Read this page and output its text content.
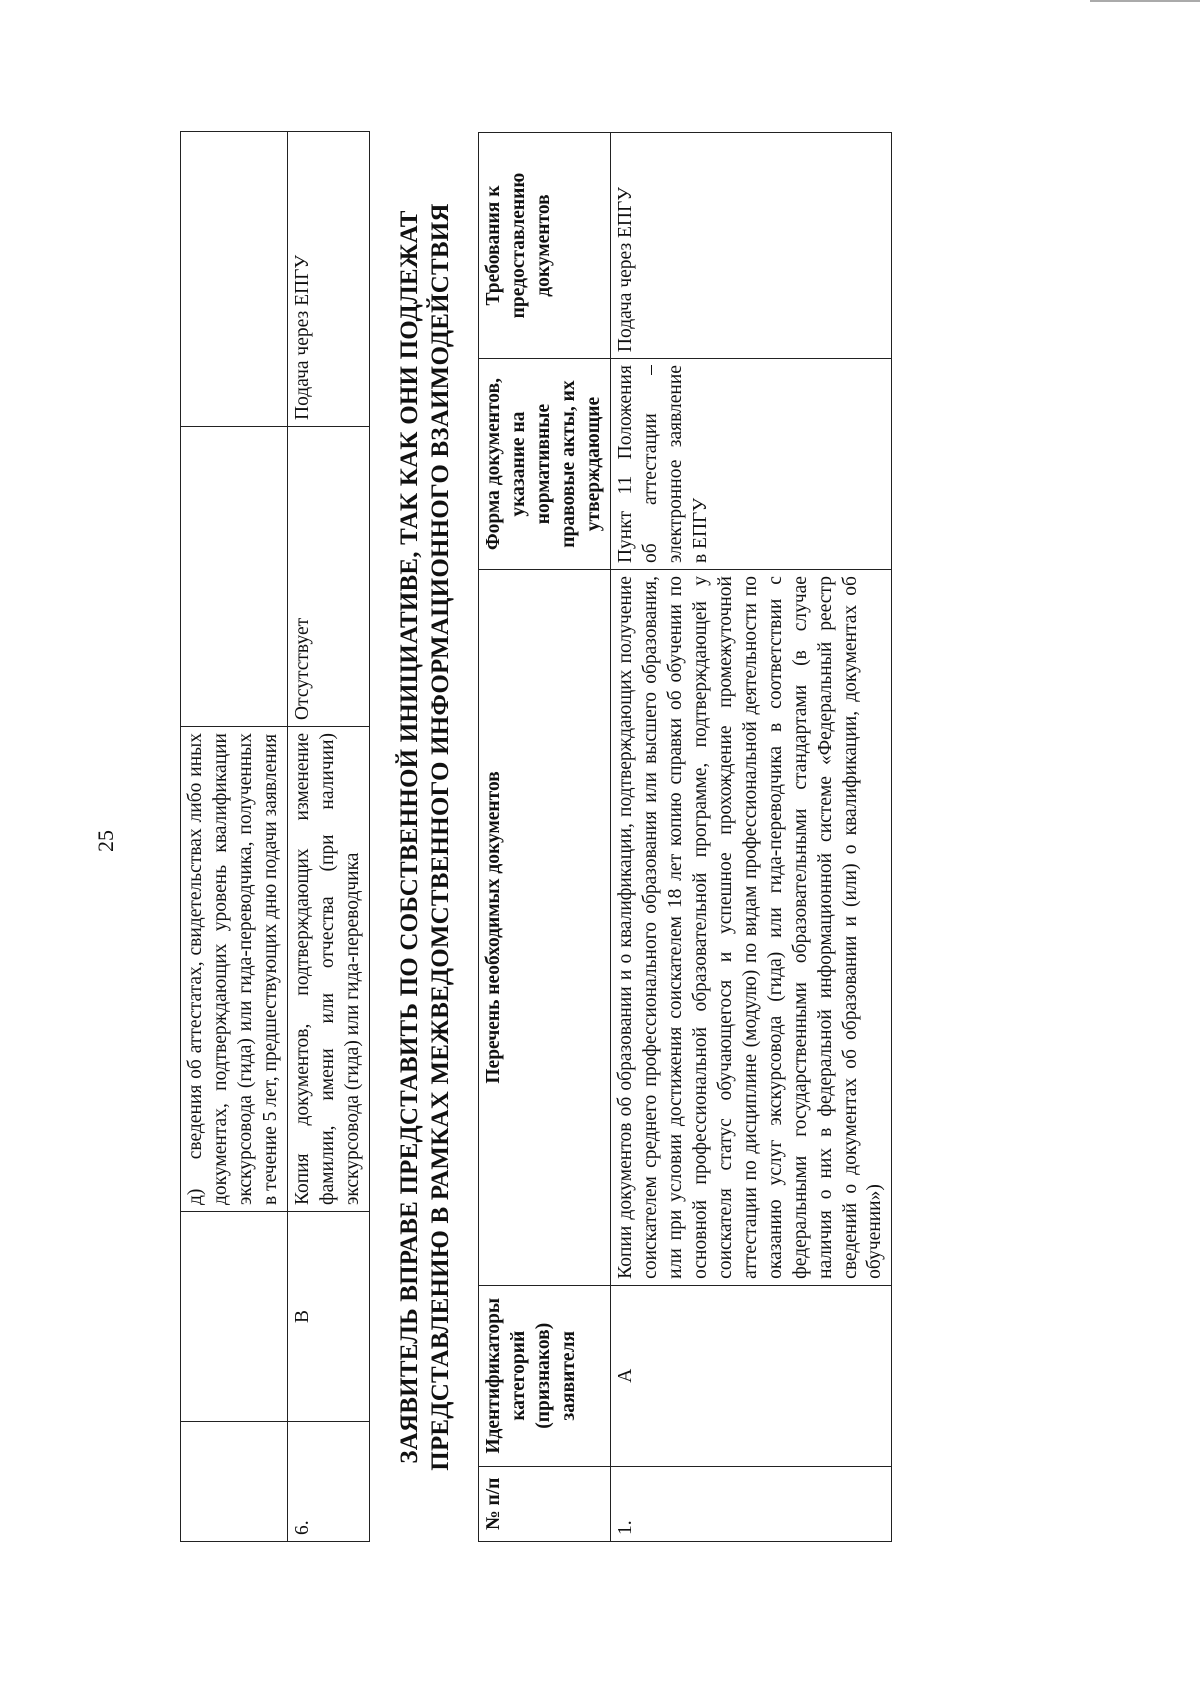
25
		д)     сведения об аттестатах, свидетельствах либо иных документах, подтверждающих уровень квалификации экскурсовода (гида) или гида-переводчика, полученных в течение 5 лет, предшествующих дню подачи заявления		
6.	В	Копия документов, подтверждающих изменение фамилии, имени или отчества (при наличии) экскурсовода (гида) или гида-переводчика	Отсутствует	Подача через ЕПГУ	ЗАЯВИТЕЛЬ ВПРАВЕ ПРЕДСТАВИТЬ ПО СОБСТВЕННОЙ ИНИЦИАТИВЕ, ТАК КАК ОНИ ПОДЛЕЖАТ ПРЕДСТАВЛЕНИЮ В РАМКАХ МЕЖВЕДОМСТВЕННОГО ИНФОРМАЦИОННОГО ВЗАИМОДЕЙСТВИЯ
№ п/п	Идентификаторы категорий (признаков) заявителя	Перечень необходимых документов	Форма документов, указание на нормативные правовые акты, их утверждающие	Требования к предоставлению документов
1.	А	Копии документов об образовании и о квалификации, подтверждающих получение соискателем среднего профессионального образования или высшего образования, или при условии достижения соискателем 18 лет копию справки об обучении по основной профессиональной образовательной программе, подтверждающей у соискателя статус обучающегося и успешное прохождение промежуточной аттестации по дисциплине (модулю) по видам профессиональной деятельности по оказанию услуг экскурсовода (гида) или гида-переводчика в соответствии с федеральными государственными образовательными стандартами (в случае наличия о них в федеральной информационной системе «Федеральный реестр сведений о документах об образовании и (или) о квалификации, документах об обучении»)	Пункт 11 Положения об аттестации – электронное заявление в ЕПГУ	Подача через ЕПГУ
